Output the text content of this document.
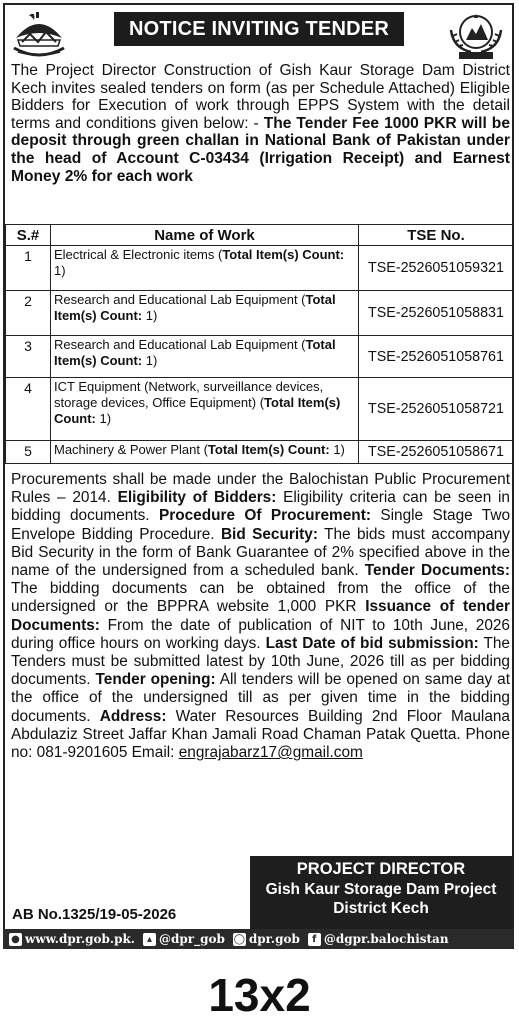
NOTICE INVITING TENDER
The Project Director Construction of Gish Kaur Storage Dam District Kech invites sealed tenders on form (as per Schedule Attached) Eligible Bidders for Execution of work through EPPS System with the detail terms and conditions given below: - The Tender Fee 1000 PKR will be deposit through green challan in National Bank of Pakistan under the head of Account C-03434 (Irrigation Receipt) and Earnest Money 2% for each work
S.#	Name of Work	TSE No.
1	Electrical & Electronic items (Total Item(s) Count: 1)	TSE-2526051059321
2	Research and Educational Lab Equipment (Total Item(s) Count: 1)	TSE-2526051058831
3	Research and Educational Lab Equipment (Total Item(s) Count: 1)	TSE-2526051058761
4	ICT Equipment (Network, surveillance devices, storage devices, Office Equipment) (Total Item(s) Count: 1)	TSE-2526051058721
5	Machinery & Power Plant (Total Item(s) Count: 1)	TSE-2526051058671
Procurements shall be made under the Balochistan Public Procurement Rules – 2014. Eligibility of Bidders: Eligibility criteria can be seen in bidding documents. Procedure Of Procurement: Single Stage Two Envelope Bidding Procedure. Bid Security: The bids must accompany Bid Security in the form of Bank Guarantee of 2% specified above in the name of the undersigned from a scheduled bank. Tender Documents: The bidding documents can be obtained from the office of the undersigned or the BPPRA website 1,000 PKR Issuance of tender Documents: From the date of publication of NIT to 10th June, 2026 during office hours on working days. Last Date of bid submission: The Tenders must be submitted latest by 10th June, 2026 till as per bidding documents. Tender opening: All tenders will be opened on same day at the office of the undersigned till as per given time in the bidding documents. Address: Water Resources Building 2nd Floor Maulana Abdulaziz Street Jaffar Khan Jamali Road Chaman Patak Quetta. Phone no: 081-9201605 Email: engrajabarz17@gmail.com
PROJECT DIRECTOR
Gish Kaur Storage Dam Project
District Kech
AB No.1325/19-05-2026
● www.dpr.gob.pk.	▴ @dpr_gob ◯ dpr.gob	f @dgpr.balochistan
13x2
